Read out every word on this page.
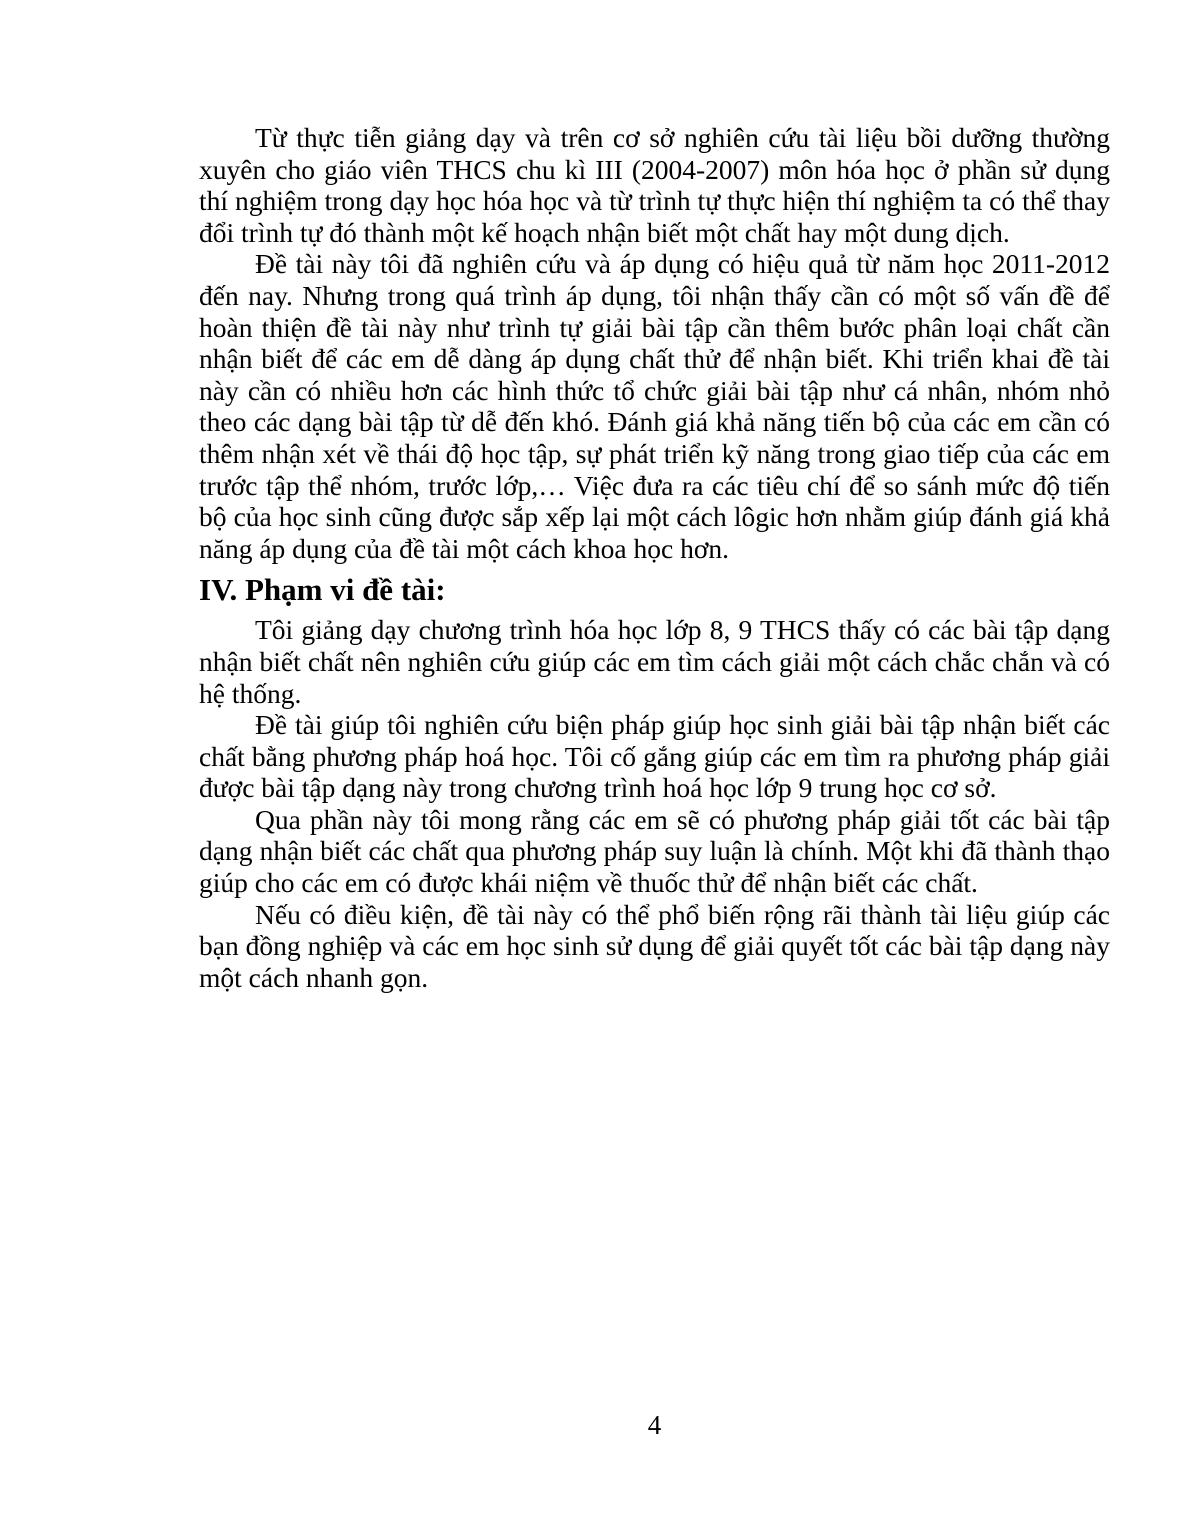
Từ thực tiễn giảng dạy và trên cơ sở nghiên cứu tài liệu bồi dưỡng thường xuyên cho giáo viên THCS chu kì III (2004-2007) môn hóa học ở phần sử dụng thí nghiệm trong dạy học hóa học và từ trình tự thực hiện thí nghiệm ta có thể thay đổi trình tự đó thành một kế hoạch nhận biết một chất hay một dung dịch.

Đề tài này tôi đã nghiên cứu và áp dụng có hiệu quả từ năm học 2011-2012 đến nay. Nhưng trong quá trình áp dụng, tôi nhận thấy cần có một số vấn đề để hoàn thiện đề tài này như trình tự giải bài tập cần thêm bước phân loại chất cần nhận biết để các em dễ dàng áp dụng chất thử để nhận biết. Khi triển khai đề tài này cần có nhiều hơn các hình thức tổ chức giải bài tập như cá nhân, nhóm nhỏ theo các dạng bài tập từ dễ đến khó. Đánh giá khả năng tiến bộ của các em cần có thêm nhận xét về thái độ học tập, sự phát triển kỹ năng trong giao tiếp của các em trước tập thể nhóm, trước lớp,… Việc đưa ra các tiêu chí để so sánh mức độ tiến bộ của học sinh cũng được sắp xếp lại một cách lôgic hơn nhằm giúp đánh giá khả năng áp dụng của đề tài một cách khoa học hơn.

IV. Phạm vi đề tài:

Tôi giảng dạy chương trình hóa học lớp 8, 9 THCS thấy có các bài tập dạng nhận biết chất nên nghiên cứu giúp các em tìm cách giải một cách chắc chắn và có hệ thống.

Đề tài giúp tôi nghiên cứu biện pháp giúp học sinh giải bài tập nhận biết các chất bằng phương pháp hoá học. Tôi cố gắng giúp các em tìm ra phương pháp giải được bài tập dạng này trong chương trình hoá học lớp 9 trung học cơ sở.

Qua phần này tôi mong rằng các em sẽ có phương pháp giải tốt các bài tập dạng nhận biết các chất qua phương pháp suy luận là chính. Một khi đã thành thạo giúp cho các em có được khái niệm về thuốc thử để nhận biết các chất.

Nếu có điều kiện, đề tài này có thể phổ biến rộng rãi thành tài liệu giúp các bạn đồng nghiệp và các em học sinh sử dụng để giải quyết tốt các bài tập dạng này một cách nhanh gọn.

4
